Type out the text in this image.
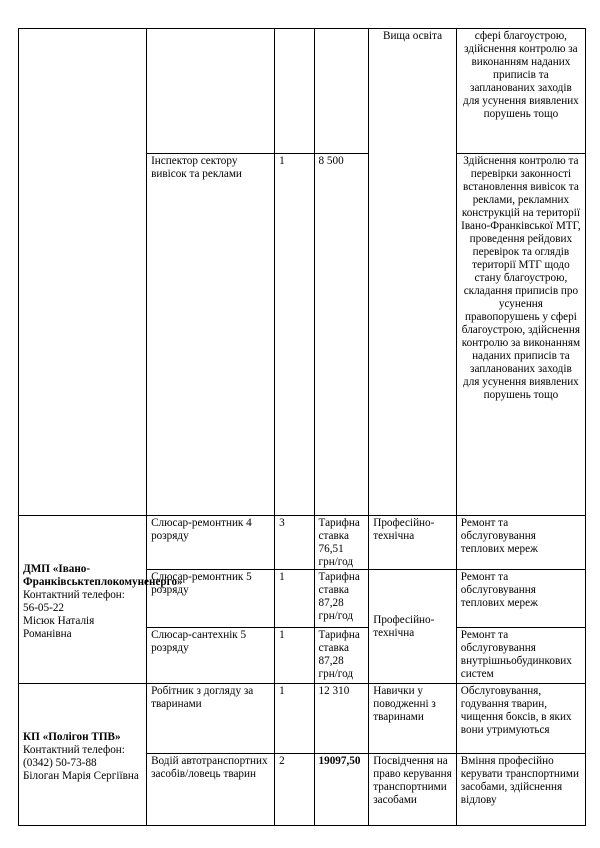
				Вища освіта	сфері благоустрою, здійснення контролю за виконанням наданих приписів та запланованих заходів для усунення виявлених порушень тощо
	Інспектор сектору вивісок та реклами	1	8 500		Здійснення контролю та перевірки законності встановлення вивісок та реклами, рекламних конструкцій на території Івано-Франківської МТГ, проведення рейдових перевірок та оглядів території МТГ щодо стану благоустрою, складання приписів про усунення правопорушень у сфері благоустрою, здійснення контролю за виконанням наданих приписів та запланованих заходів для усунення виявлених порушень тощо

ДМП «Івано-Франківськтеплокомуненерго»
Контактний телефон:
56-05-22
Місюк Наталія Романівна	Слюсар-ремонтник 4 розряду	3	Тарифна ставка 76,51 грн/год	Професійно-технічна	Ремонт та обслуговування теплових мереж
	Слюсар-ремонтник 5 розряду	1	Тарифна ставка 87,28 грн/год	Професійно-технічна	Ремонт та обслуговування теплових мереж
	Слюсар-сантехнік 5 розряду	1	Тарифна ставка 87,28 грн/год		Ремонт та обслуговування внутрішньобудинкових систем

КП «Полігон ТПВ»
Контактний телефон:
(0342) 50-73-88
Білоган Марія Сергіївна	Робітник з догляду за тваринами	1	12 310	Навички у поводженні з тваринами	Обслуговування, годування тварин, чищення боксів, в яких вони утримуються
	Водій автотранспортних засобів/ловець тварин	2	19097,50	Посвідчення на право керування транспортними засобами	Вміння професійно керувати транспортними засобами, здійснення відлову
